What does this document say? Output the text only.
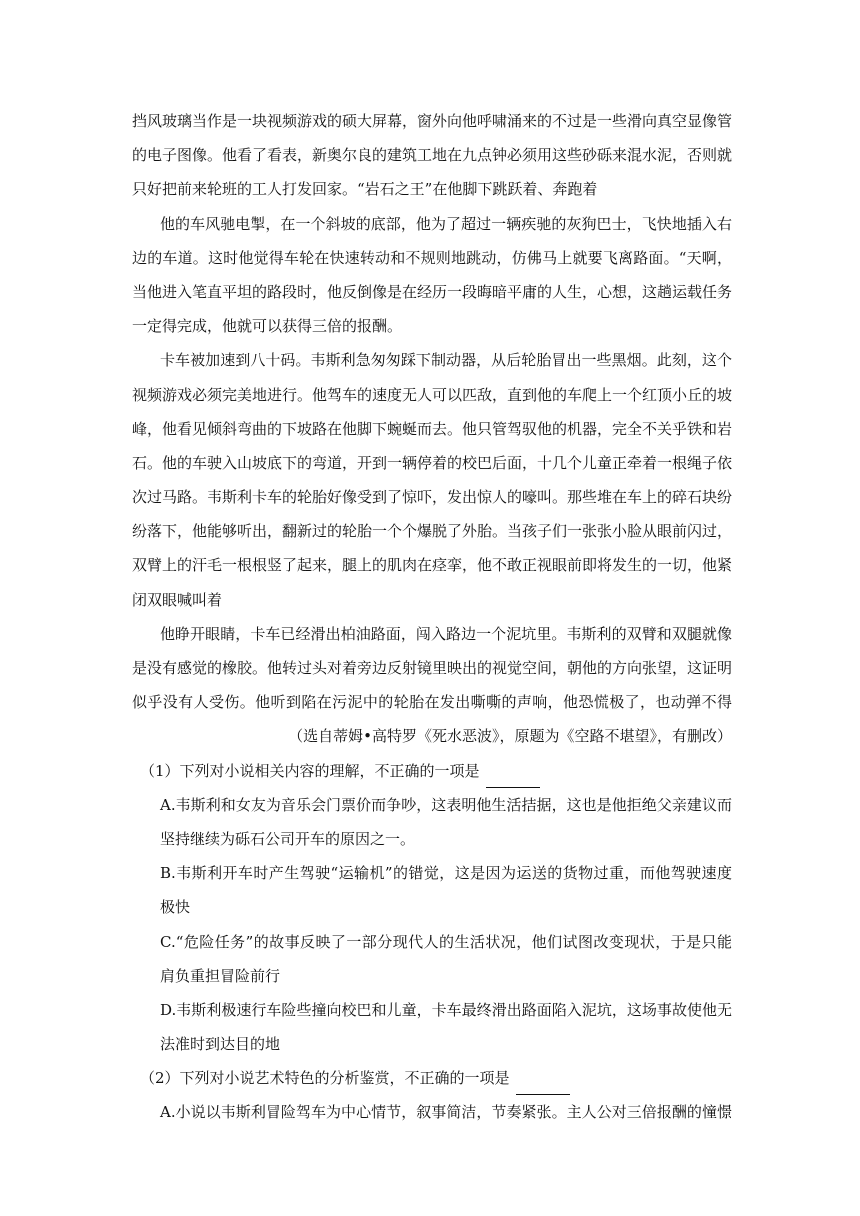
挡风玻璃当作是一块视频游戏的硕大屏幕，窗外向他呼啸涌来的不过是一些滑向真空显像管
的电子图像。他看了看表，新奥尔良的建筑工地在九点钟必须用这些砂砾来混水泥，否则就
只好把前来轮班的工人打发回家。“岩石之王”在他脚下跳跃着、奔跑着
他的车风驰电掣，在一个斜坡的底部，他为了超过一辆疾驰的灰狗巴士，飞快地插入右
边的车道。这时他觉得车轮在快速转动和不规则地跳动，仿佛马上就要飞离路面。“天啊，
当他进入笔直平坦的路段时，他反倒像是在经历一段晦暗平庸的人生，心想，这趟运载任务
一定得完成，他就可以获得三倍的报酬。
卡车被加速到八十码。韦斯利急匆匆踩下制动器，从后轮胎冒出一些黑烟。此刻，这个
视频游戏必须完美地进行。他驾车的速度无人可以匹敌，直到他的车爬上一个红顶小丘的坡
峰，他看见倾斜弯曲的下坡路在他脚下蜿蜒而去。他只管驾驭他的机器，完全不关乎铁和岩
石。他的车驶入山坡底下的弯道，开到一辆停着的校巴后面，十几个儿童正牵着一根绳子依
次过马路。韦斯利卡车的轮胎好像受到了惊吓，发出惊人的嚎叫。那些堆在车上的碎石块纷
纷落下，他能够听出，翻新过的轮胎一个个爆脱了外胎。当孩子们一张张小脸从眼前闪过，
双臂上的汗毛一根根竖了起来，腿上的肌肉在痉挛，他不敢正视眼前即将发生的一切，他紧
闭双眼喊叫着
他睁开眼睛，卡车已经滑出柏油路面，闯入路边一个泥坑里。韦斯利的双臂和双腿就像
是没有感觉的橡胶。他转过头对着旁边反射镜里映出的视觉空间，朝他的方向张望，这证明
似乎没有人受伤。他听到陷在污泥中的轮胎在发出嘶嘶的声响，他恐慌极了，也动弹不得
（选自蒂姆•高特罗《死水恶波》，原题为《空路不堪望》，有删改）
（1）下列对小说相关内容的理解，不正确的一项是
A.韦斯利和女友为音乐会门票价而争吵，这表明他生活拮据，这也是他拒绝父亲建议而
坚持继续为砾石公司开车的原因之一。
B.韦斯利开车时产生驾驶“运输机”的错觉，这是因为运送的货物过重，而他驾驶速度
极快
C.“危险任务”的故事反映了一部分现代人的生活状况，他们试图改变现状，于是只能
肩负重担冒险前行
D.韦斯利极速行车险些撞向校巴和儿童，卡车最终滑出路面陷入泥坑，这场事故使他无
法准时到达目的地
（2）下列对小说艺术特色的分析鉴赏，不正确的一项是
A.小说以韦斯利冒险驾车为中心情节，叙事简洁，节奏紧张。主人公对三倍报酬的憧憬
